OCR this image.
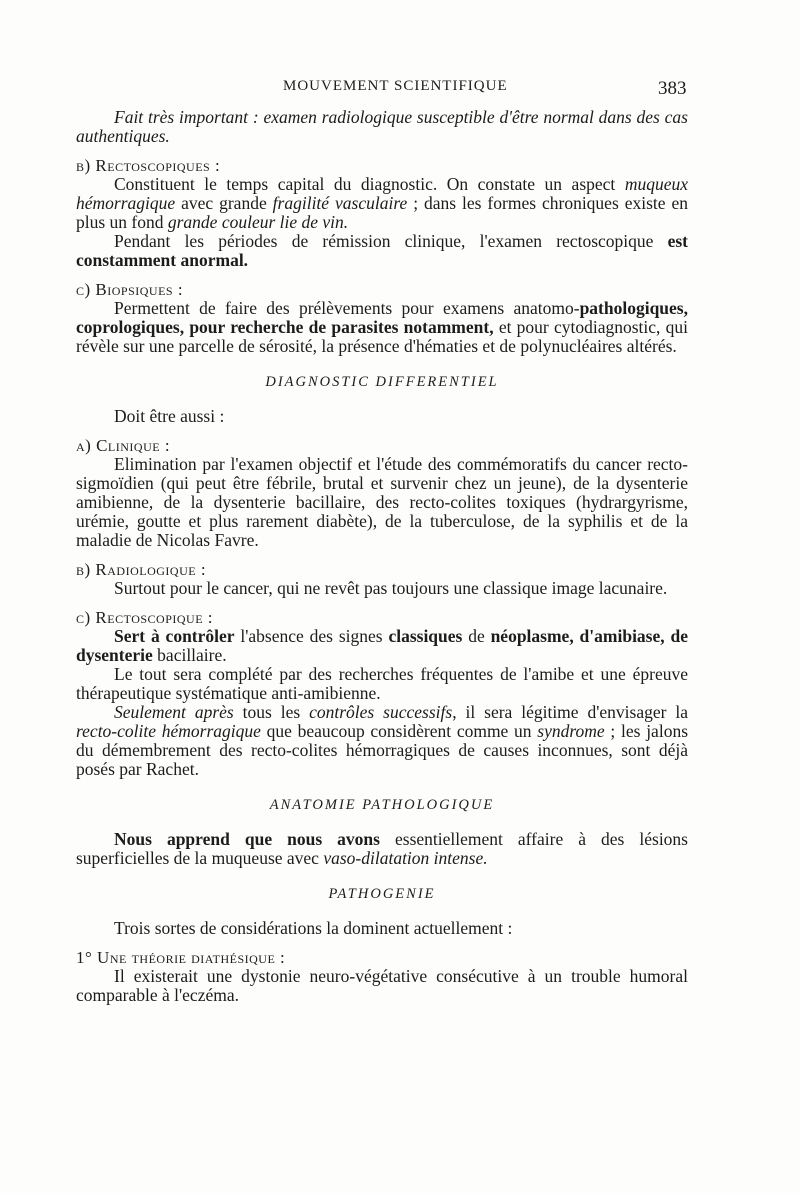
MOUVEMENT SCIENTIFIQUE	383

Fait très important : examen radiologique susceptible d'être normal dans des cas authentiques.

b) Rectoscopiques :

Constituent le temps capital du diagnostic. On constate un aspect muqueux hémorragique avec grande fragilité vasculaire ; dans les formes chroniques existe en plus un fond grande couleur lie de vin.

Pendant les périodes de rémission clinique, l'examen rectoscopique est constamment anormal.

c) Biopsiques :

Permettent de faire des prélèvements pour examens anatomo-pathologiques, coprologiques, pour recherche de parasites notamment, et pour cytodiagnostic, qui révèle sur une parcelle de sérosité, la présence d'hématies et de polynucléaires altérés.

DIAGNOSTIC DIFFERENTIEL

Doit être aussi :

a) Clinique :

Elimination par l'examen objectif et l'étude des commémoratifs du cancer recto-sigmoïdien (qui peut être fébrile, brutal et survenir chez un jeune), de la dysenterie amibienne, de la dysenterie bacillaire, des recto-colites toxiques (hydrargyrisme, urémie, goutte et plus rarement diabète), de la tuberculose, de la syphilis et de la maladie de Nicolas Favre.

b) Radiologique :

Surtout pour le cancer, qui ne revêt pas toujours une classique image lacunaire.

c) Rectoscopique :

Sert à contrôler l'absence des signes classiques de néoplasme, d'amibiase, de dysenterie bacillaire.

Le tout sera complété par des recherches fréquentes de l'amibe et une épreuve thérapeutique systématique anti-amibienne.

Seulement après tous les contrôles successifs, il sera légitime d'envisager la recto-colite hémorragique que beaucoup considèrent comme un syndrome ; les jalons du démembrement des recto-colites hémorragiques de causes inconnues, sont déjà posés par Rachet.

ANATOMIE PATHOLOGIQUE

Nous apprend que nous avons essentiellement affaire à des lésions superficielles de la muqueuse avec vaso-dilatation intense.

PATHOGENIE

Trois sortes de considérations la dominent actuellement :

1° Une théorie diathésique :

Il existerait une dystonie neuro-végétative consécutive à un trouble humoral comparable à l'eczéma.
